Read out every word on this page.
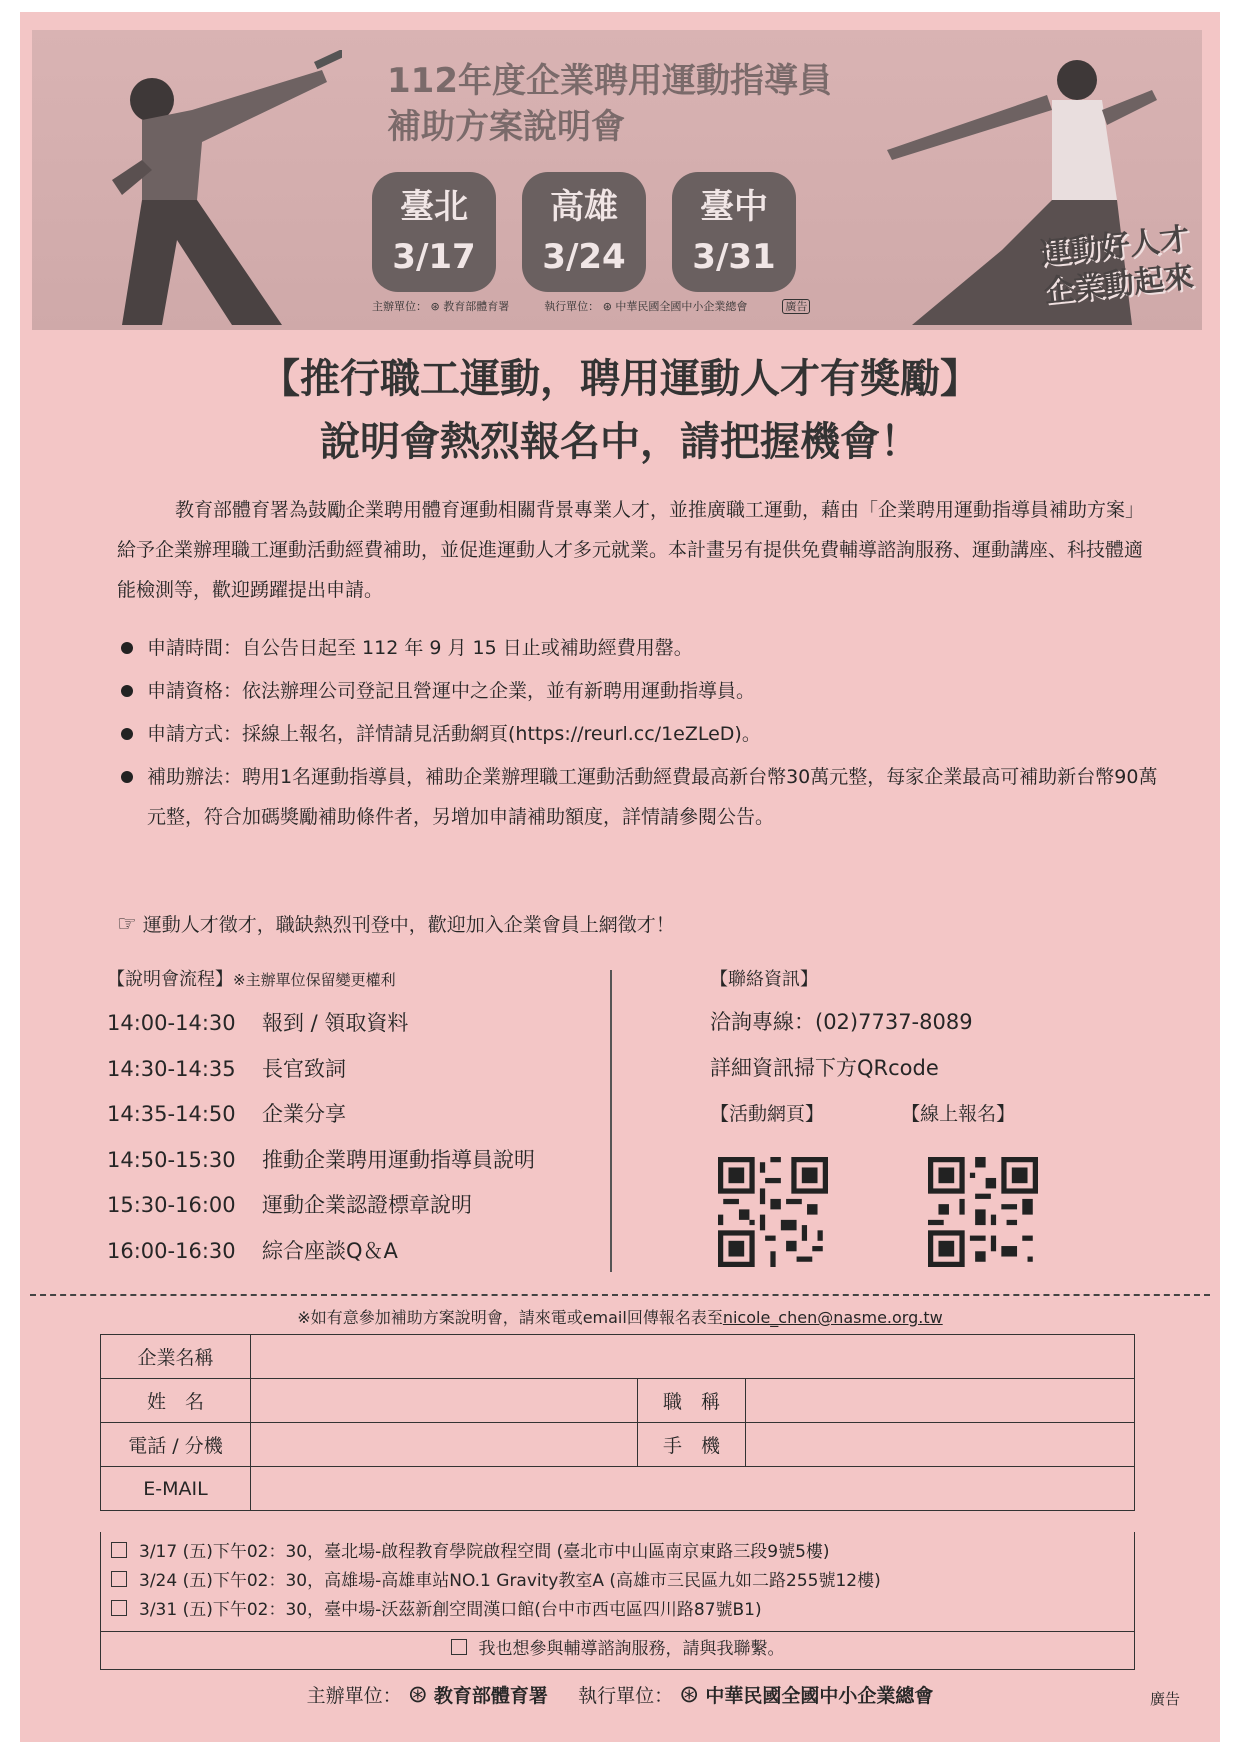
112年度企業聘用運動指導員
補助方案說明會
臺北
3/17
高雄
3/24
臺中
3/31
主辦單位： ⊛ 教育部體育署	執行單位： ⊛ 中華民國全國中小企業總會	廣告
運動好人才
企業動起來
【推行職工運動，聘用運動人才有獎勵】
說明會熱烈報名中，請把握機會！
教育部體育署為鼓勵企業聘用體育運動相關背景專業人才，並推廣職工運動，藉由「企業聘用運動指導員補助方案」給予企業辦理職工運動活動經費補助，並促進運動人才多元就業。本計畫另有提供免費輔導諮詢服務、運動講座、科技體適能檢測等，歡迎踴躍提出申請。
申請時間：自公告日起至 112 年 9 月 15 日止或補助經費用罄。
申請資格：依法辦理公司登記且營運中之企業，並有新聘用運動指導員。
申請方式：採線上報名，詳情請見活動網頁(https://reurl.cc/1eZLeD)。
補助辦法：聘用1名運動指導員，補助企業辦理職工運動活動經費最高新台幣30萬元整，每家企業最高可補助新台幣90萬元整，符合加碼獎勵補助條件者，另增加申請補助額度，詳情請參閱公告。
☞ 運動人才徵才，職缺熱烈刊登中，歡迎加入企業會員上網徵才！
【說明會流程】※主辦單位保留變更權利
14:00-14:30 報到 / 領取資料
14:30-14:35 長官致詞
14:35-14:50 企業分享
14:50-15:30 推動企業聘用運動指導員說明
15:30-16:00 運動企業認證標章說明
16:00-16:30 綜合座談Q＆A
【聯絡資訊】
洽詢專線：(02)7737-8089
詳細資訊掃下方QRcode
【活動網頁】	【線上報名】
※如有意參加補助方案說明會，請來電或email回傳報名表至nicole_chen@nasme.org.tw
企業名稱			
姓　名		職　稱	
電話 / 分機		手　機	
E-MAIL			
3/17 (五)下午02：30，臺北場-啟程教育學院啟程空間 (臺北市中山區南京東路三段9號5樓)
3/24 (五)下午02：30，高雄場-高雄車站NO.1 Gravity教室A (高雄市三民區九如二路255號12樓)
3/31 (五)下午02：30，臺中場-沃茲新創空間漢口館(台中市西屯區四川路87號B1)
我也想參與輔導諮詢服務，請與我聯繫。
主辦單位： ⊛ 教育部體育署 執行單位： ⊛ 中華民國全國中小企業總會	廣告
